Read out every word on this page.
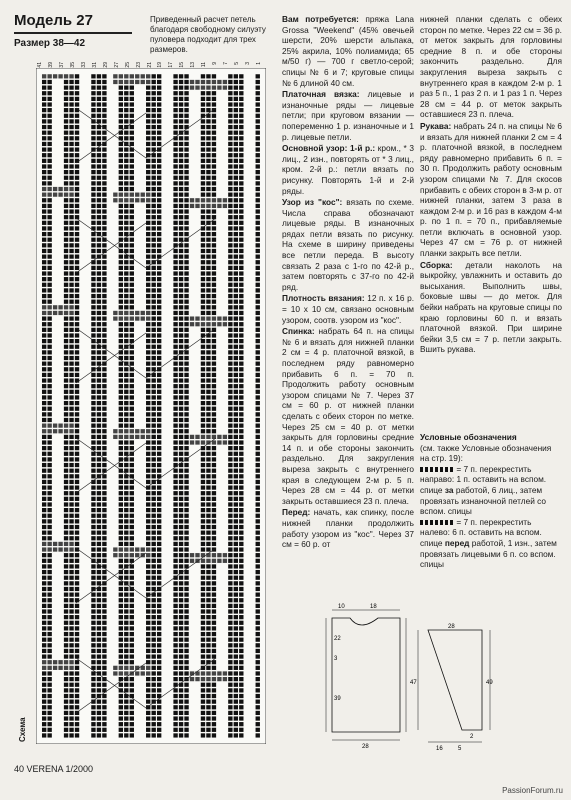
Модель 27
Размер 38—42
Приведенный расчет петель благодаря свободному силуэту пуловера подходит для трех размеров.
41 39 37 35 33 31 29 27 25 23 21 19 17 15 13 11 9 7 5 3 1
Схема

Вам потребуется: пряжа Lana Grossa "Weekend" (45% овечьей шерсти, 20% шерсти альпака, 25% акрила, 10% полиамида; 65 м/50 г) — 700 г светло-серой; спицы № 6 и 7; круговые спицы № 6 длиной 40 см.

Платочная вязка: лицевые и изнаночные ряды — лицевые петли; при круговом вязании — попеременно 1 р. изнаночные и 1 р. лицевые петли.

Основной узор: 1-й р.: кром., * 3 лиц., 2 изн., повторять от * 3 лиц., кром. 2-й р.: петли вязать по рисунку. Повторять 1-й и 2-й ряды.

Узор из "кос": вязать по схеме. Числа справа обозначают лицевые ряды. В изнаночных рядах петли вязать по рисунку. На схеме в ширину приведены все петли переда. В высоту связать 2 раза с 1-го по 42-й р., затем повторять с 37-го по 42-й ряд.

Плотность вязания: 12 п. х 16 р. = 10 х 10 см, связано основным узором, соотв. узором из "кос".

Спинка: набрать 64 п. на спицы № 6 и вязать для нижней планки 2 см = 4 р. платочной вязкой, в последнем ряду равномерно прибавить 6 п. = 70 п. Продолжить работу основным узором спицами № 7. Через 37 см = 60 р. от нижней планки сделать с обеих сторон по метке. Через 25 см = 40 р. от метки закрыть для горловины средние 14 п. и обе стороны закончить раздельно. Для закругления выреза закрыть с внутреннего края в следующем 2-м р. 5 п. Через 28 см = 44 р. от метки закрыть оставшиеся 23 п. плеча.

Перед: начать, как спинку, после нижней планки продолжить работу узором из "кос". Через 37 см = 60 р. от

нижней планки сделать с обеих сторон по метке. Через 22 см = 36 р. от меток закрыть для горловины средние 8 п. и обе стороны закончить раздельно. Для закругления выреза закрыть с внутреннего края в каждом 2-м р. 1 раз 5 п., 1 раз 2 п. и 1 раз 1 п. Через 28 см = 44 р. от меток закрыть оставшиеся 23 п. плеча.

Рукава: набрать 24 п. на спицы № 6 и вязать для нижней планки 2 см = 4 р. платочной вязкой, в последнем ряду равномерно прибавить 6 п. = 30 п. Продолжить работу основным узором спицами № 7. Для скосов прибавить с обеих сторон в 3-м р. от нижней планки, затем 3 раза в каждом 2-м р. и 16 раз в каждом 4-м р. по 1 п. = 70 п., прибавляемые петли включать в основной узор. Через 47 см = 76 р. от нижней планки закрыть все петли.

Сборка: детали наколоть на выкройку, увлажнить и оставить до высыхания. Выполнить швы, боковые швы — до меток. Для бейки набрать на круговые спицы по краю горловины 60 п. и вязать платочной вязкой. При ширине бейки 3,5 см = 7 р. петли закрыть. Вшить рукава.

Условные обозначения
(см. также Условные обозначения на стр. 19):
= 7 п. перекрестить направо: 1 п. оставить на вспом. спице за работой, 6 лиц., затем провязать изнаночной петлей со вспом. спицы
= 7 п. перекрестить налево: 6 п. оставить на вспом. спице перед работой, 1 изн., затем провязать лицевыми 6 п. со вспом. спицы
10	18
22
3
39
28
2
47	49
16	5
28
40 VERENA 1/2000
PassionForum.ru
